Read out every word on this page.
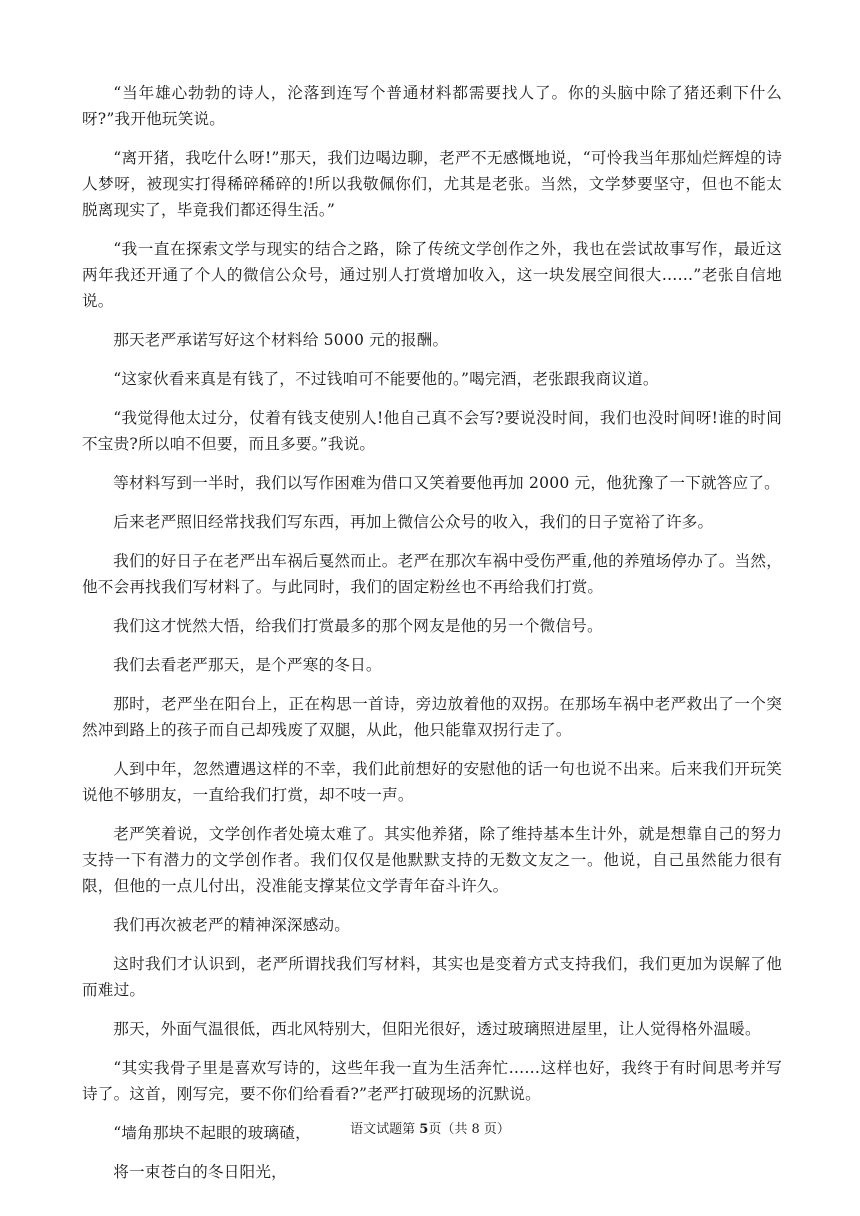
“当年雄心勃勃的诗人，沦落到连写个普通材料都需要找人了。你的头脑中除了猪还剩下什么呀?”我开他玩笑说。

“离开猪，我吃什么呀!”那天，我们边喝边聊，老严不无感慨地说，“可怜我当年那灿烂辉煌的诗人梦呀，被现实打得稀碎稀碎的!所以我敬佩你们，尤其是老张。当然，文学梦要坚守，但也不能太脱离现实了，毕竟我们都还得生活。”

“我一直在探索文学与现实的结合之路，除了传统文学创作之外，我也在尝试故事写作，最近这两年我还开通了个人的微信公众号，通过别人打赏增加收入，这一块发展空间很大……”老张自信地说。

那天老严承诺写好这个材料给 5000 元的报酬。

“这家伙看来真是有钱了，不过钱咱可不能要他的。”喝完酒，老张跟我商议道。

“我觉得他太过分，仗着有钱支使别人!他自己真不会写?要说没时间，我们也没时间呀!谁的时间不宝贵?所以咱不但要，而且多要。”我说。

等材料写到一半时，我们以写作困难为借口又笑着要他再加 2000 元，他犹豫了一下就答应了。

后来老严照旧经常找我们写东西，再加上微信公众号的收入，我们的日子宽裕了许多。

我们的好日子在老严出车祸后戛然而止。老严在那次车祸中受伤严重,他的养殖场停办了。当然，他不会再找我们写材料了。与此同时，我们的固定粉丝也不再给我们打赏。

我们这才恍然大悟，给我们打赏最多的那个网友是他的另一个微信号。

我们去看老严那天，是个严寒的冬日。

那时，老严坐在阳台上，正在构思一首诗，旁边放着他的双拐。在那场车祸中老严救出了一个突然冲到路上的孩子而自己却残废了双腿，从此，他只能靠双拐行走了。

人到中年，忽然遭遇这样的不幸，我们此前想好的安慰他的话一句也说不出来。后来我们开玩笑说他不够朋友，一直给我们打赏，却不吱一声。

老严笑着说，文学创作者处境太难了。其实他养猪，除了维持基本生计外，就是想靠自己的努力支持一下有潜力的文学创作者。我们仅仅是他默默支持的无数文友之一。他说，自己虽然能力很有限，但他的一点儿付出，没准能支撑某位文学青年奋斗许久。

我们再次被老严的精神深深感动。

这时我们才认识到，老严所谓找我们写材料，其实也是变着方式支持我们，我们更加为误解了他而难过。

那天，外面气温很低，西北风特别大，但阳光很好，透过玻璃照进屋里，让人觉得格外温暖。

“其实我骨子里是喜欢写诗的，这些年我一直为生活奔忙……这样也好，我终于有时间思考并写诗了。这首，刚写完，要不你们给看看?”老严打破现场的沉默说。

“墙角那块不起眼的玻璃碴，

将一束苍白的冬日阳光，

语文试题第 5页（共 8 页）
